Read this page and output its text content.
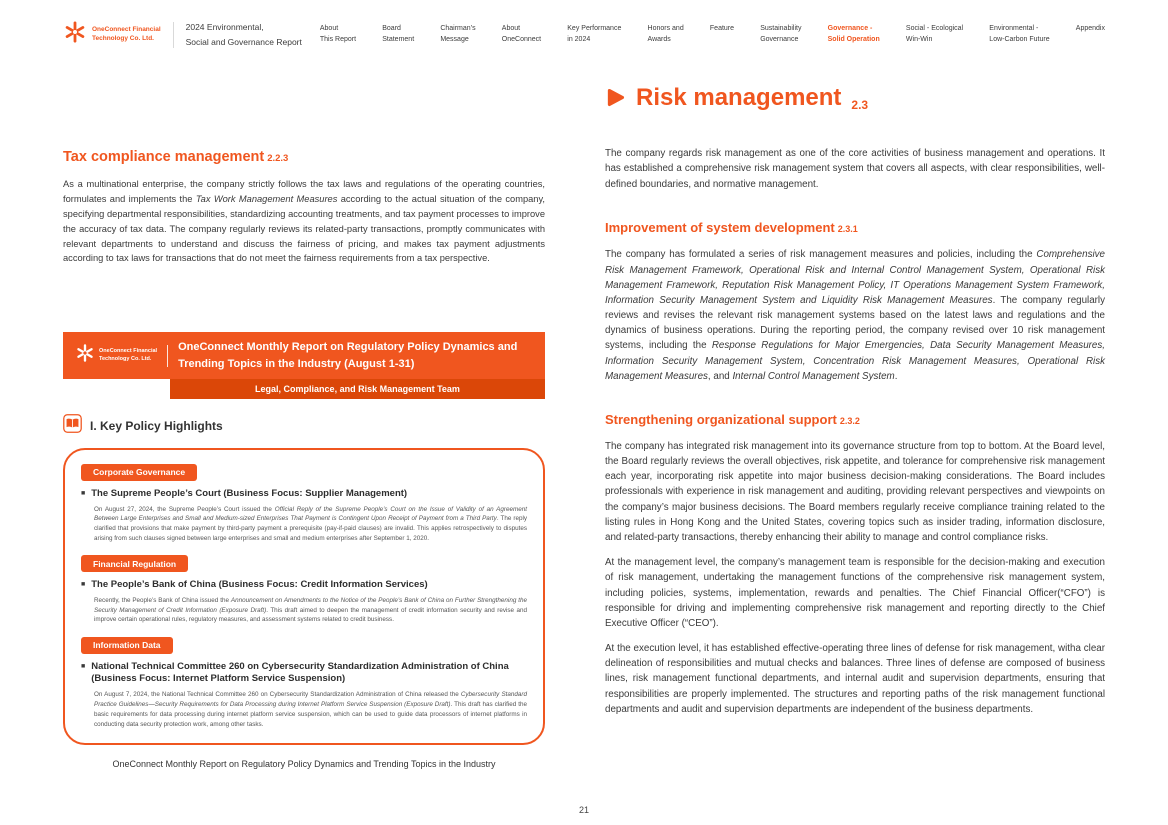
OneConnect Financial
Technology Co. Ltd.
2024 Environmental,
Social and Governance Report
About
This Report
Board
Statement
Chairman’s
Message
About
OneConnect
Key Performance
in 2024
Honors and
Awards
Feature	Sustainability
Governance
Governance -
Solid Operation
Social - Ecological
Win-Win
Environmental -
Low-Carbon Future
Appendix
Tax compliance management 2.2.3

As a multinational enterprise, the company strictly follows the tax laws and regulations of the operating countries, formulates and implements the Tax Work Management Measures according to the actual situation of the company, specifying departmental responsibilities, standardizing accounting treatments, and tax payment processes to improve the accuracy of tax data. The company regularly reviews its related-party transactions, promptly communicates with relevant departments to understand and discuss the fairness of pricing, and makes tax payment adjustments according to tax laws for transactions that do not meet the fairness requirements from a tax perspective.

OneConnect Financial
Technology Co. Ltd.
OneConnect Monthly Report on Regulatory Policy Dynamics and Trending Topics in the Industry (August 1-31)
Legal, Compliance, and Risk Management Team
I. Key Policy Highlights
Corporate Governance
■ The Supreme People’s Court (Business Focus: Supplier Management)

On August 27, 2024, the Supreme People’s Court issued the Official Reply of the Supreme People’s Court on the Issue of Validity of an Agreement Between Large Enterprises and Small and Medium-sized Enterprises That Payment is Contingent Upon Receipt of Payment from a Third Party. The reply clarified that provisions that make payment by third-party payment a prerequisite (pay-if-paid clauses) are invalid. This applies retrospectively to disputes arising from such clauses signed between large enterprises and small and medium enterprises after September 1, 2020.

Financial Regulation
■ The People’s Bank of China (Business Focus: Credit Information Services)

Recently, the People’s Bank of China issued the Announcement on Amendments to the Notice of the People’s Bank of China on Further Strengthening the Security Management of Credit Information (Exposure Draft). This draft aimed to deepen the management of credit information security and revise and improve certain operational rules, regulatory measures, and assessment systems related to credit business.

Information Data
■ National Technical Committee 260 on Cybersecurity Standardization Administration of China (Business Focus: Internet Platform Service Suspension)

On August 7, 2024, the National Technical Committee 260 on Cybersecurity Standardization Administration of China released the Cybersecurity Standard Practice Guidelines—Security Requirements for Data Processing during Internet Platform Service Suspension (Exposure Draft). This draft has clarified the basic requirements for data processing during internet platform service suspension, which can be used to guide data processors of internet platforms in conducting data security protection work, among other tasks.

OneConnect Monthly Report on Regulatory Policy Dynamics and Trending Topics in the Industry
Risk management 2.3

The company regards risk management as one of the core activities of business management and operations. It has established a comprehensive risk management system that covers all aspects, with clear responsibilities, well-defined boundaries, and normative management.

Improvement of system development 2.3.1

The company has formulated a series of risk management measures and policies, including the Comprehensive Risk Management Framework, Operational Risk and Internal Control Management System, Operational Risk Management Framework, Reputation Risk Management Policy, IT Operations Management System Framework, Information Security Management System and Liquidity Risk Management Measures. The company regularly reviews and revises the relevant risk management systems based on the latest laws and regulations and the dynamics of business operations. During the reporting period, the company revised over 10 risk management systems, including the Response Regulations for Major Emergencies, Data Security Management Measures, Information Security Management System, Concentration Risk Management Measures, Operational Risk Management Measures, and Internal Control Management System.

Strengthening organizational support 2.3.2

The company has integrated risk management into its governance structure from top to bottom. At the Board level, the Board regularly reviews the overall objectives, risk appetite, and tolerance for comprehensive risk management each year, incorporating risk appetite into major business decision-making considerations. The Board includes professionals with experience in risk management and auditing, providing relevant perspectives and viewpoints on the company’s major business decisions. The Board members regularly receive compliance training related to the listing rules in Hong Kong and the United States, covering topics such as insider trading, information disclosure, and related-party transactions, thereby enhancing their ability to manage and control compliance risks.

At the management level, the company’s management team is responsible for the decision-making and execution of risk management, undertaking the management functions of the comprehensive risk management system, including policies, systems, implementation, rewards and penalties. The Chief Financial Officer(“CFO”) is responsible for driving and implementing comprehensive risk management and reporting directly to the Chief Executive Officer (“CEO”).

At the execution level, it has established effective-operating three lines of defense for risk management, witha clear delineation of responsibilities and mutual checks and balances. Three lines of defense are composed of business lines, risk management functional departments, and internal audit and supervision departments, ensuring that responsibilities are properly implemented. The structures and reporting paths of the risk management functional departments and audit and supervision departments are independent of the business departments.

21
